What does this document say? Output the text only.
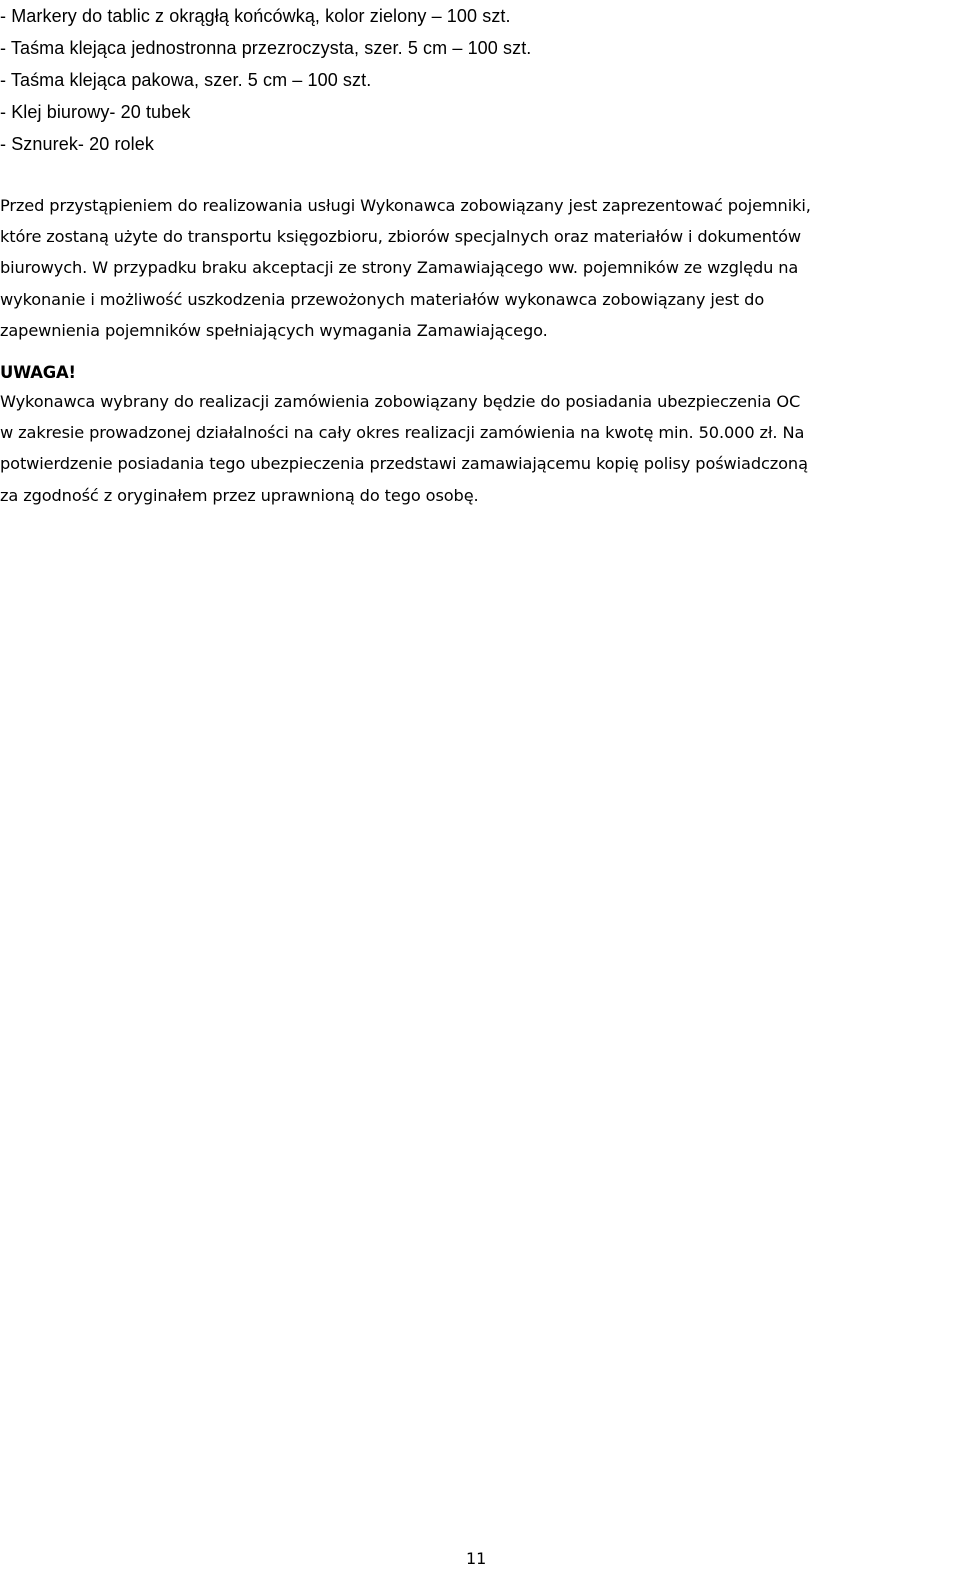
- Markery do tablic z okrągłą końcówką, kolor zielony – 100 szt.
- Taśma klejąca jednostronna przezroczysta, szer. 5 cm – 100 szt.
- Taśma klejąca pakowa, szer. 5 cm – 100 szt.
- Klej biurowy- 20 tubek
- Sznurek- 20 rolek
Przed przystąpieniem do realizowania usługi Wykonawca zobowiązany jest zaprezentować pojemniki,
które zostaną użyte do transportu księgozbioru, zbiorów specjalnych oraz materiałów i dokumentów
biurowych. W przypadku braku akceptacji ze strony Zamawiającego ww. pojemników ze względu na
wykonanie i możliwość uszkodzenia przewożonych materiałów wykonawca zobowiązany jest do
zapewnienia pojemników spełniających wymagania Zamawiającego.
UWAGA!
Wykonawca wybrany do realizacji zamówienia zobowiązany będzie do posiadania ubezpieczenia OC
w zakresie prowadzonej działalności na cały okres realizacji zamówienia na kwotę min. 50.000 zł. Na
potwierdzenie posiadania tego ubezpieczenia przedstawi zamawiającemu kopię polisy poświadczoną
za zgodność z oryginałem przez uprawnioną do tego osobę.
11
